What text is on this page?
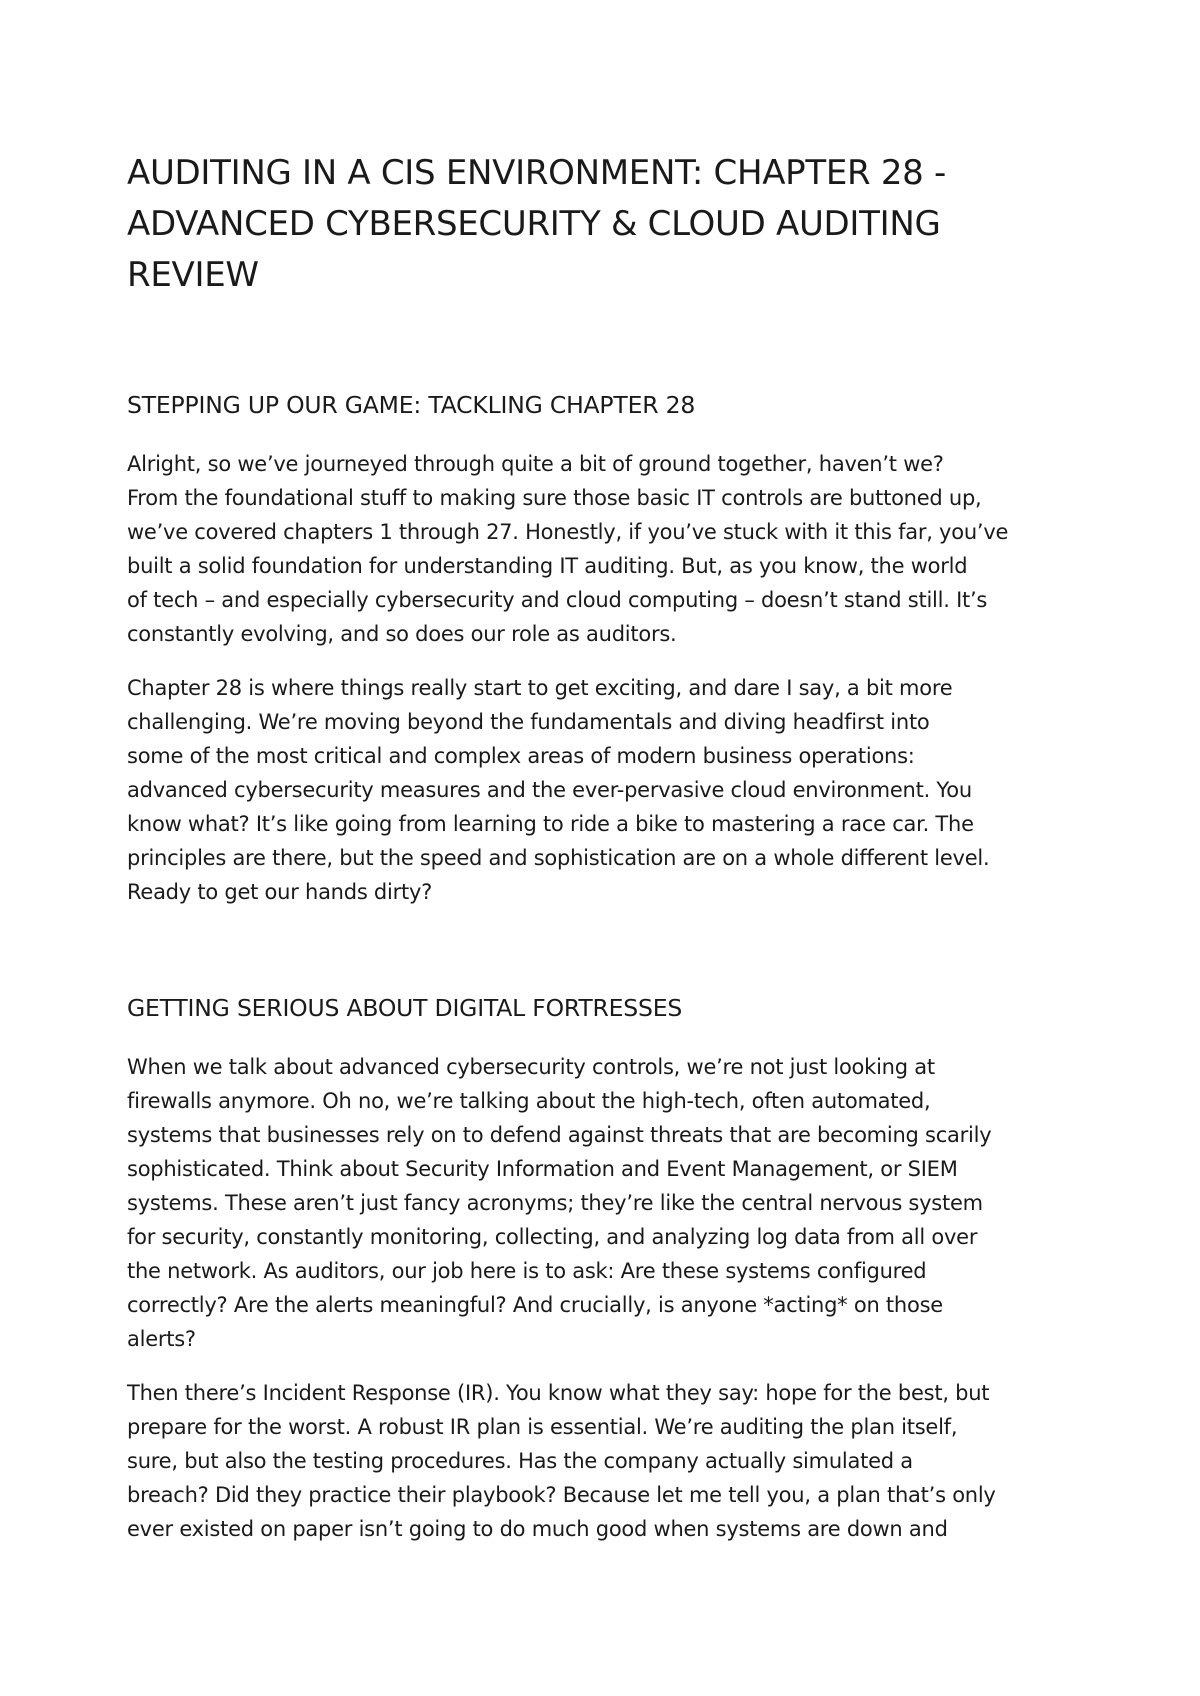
AUDITING IN A CIS ENVIRONMENT: CHAPTER 28 -
ADVANCED CYBERSECURITY & CLOUD AUDITING
REVIEW
STEPPING UP OUR GAME: TACKLING CHAPTER 28

Alright, so we’ve journeyed through quite a bit of ground together, haven’t we?
From the foundational stuff to making sure those basic IT controls are buttoned up,
we’ve covered chapters 1 through 27. Honestly, if you’ve stuck with it this far, you’ve
built a solid foundation for understanding IT auditing. But, as you know, the world
of tech – and especially cybersecurity and cloud computing – doesn’t stand still. It’s
constantly evolving, and so does our role as auditors.

Chapter 28 is where things really start to get exciting, and dare I say, a bit more
challenging. We’re moving beyond the fundamentals and diving headfirst into
some of the most critical and complex areas of modern business operations:
advanced cybersecurity measures and the ever-pervasive cloud environment. You
know what? It’s like going from learning to ride a bike to mastering a race car. The
principles are there, but the speed and sophistication are on a whole different level.
Ready to get our hands dirty?

GETTING SERIOUS ABOUT DIGITAL FORTRESSES

When we talk about advanced cybersecurity controls, we’re not just looking at
firewalls anymore. Oh no, we’re talking about the high-tech, often automated,
systems that businesses rely on to defend against threats that are becoming scarily
sophisticated. Think about Security Information and Event Management, or SIEM
systems. These aren’t just fancy acronyms; they’re like the central nervous system
for security, constantly monitoring, collecting, and analyzing log data from all over
the network. As auditors, our job here is to ask: Are these systems configured
correctly? Are the alerts meaningful? And crucially, is anyone *acting* on those
alerts?

Then there’s Incident Response (IR). You know what they say: hope for the best, but
prepare for the worst. A robust IR plan is essential. We’re auditing the plan itself,
sure, but also the testing procedures. Has the company actually simulated a
breach? Did they practice their playbook? Because let me tell you, a plan that’s only
ever existed on paper isn’t going to do much good when systems are down and
